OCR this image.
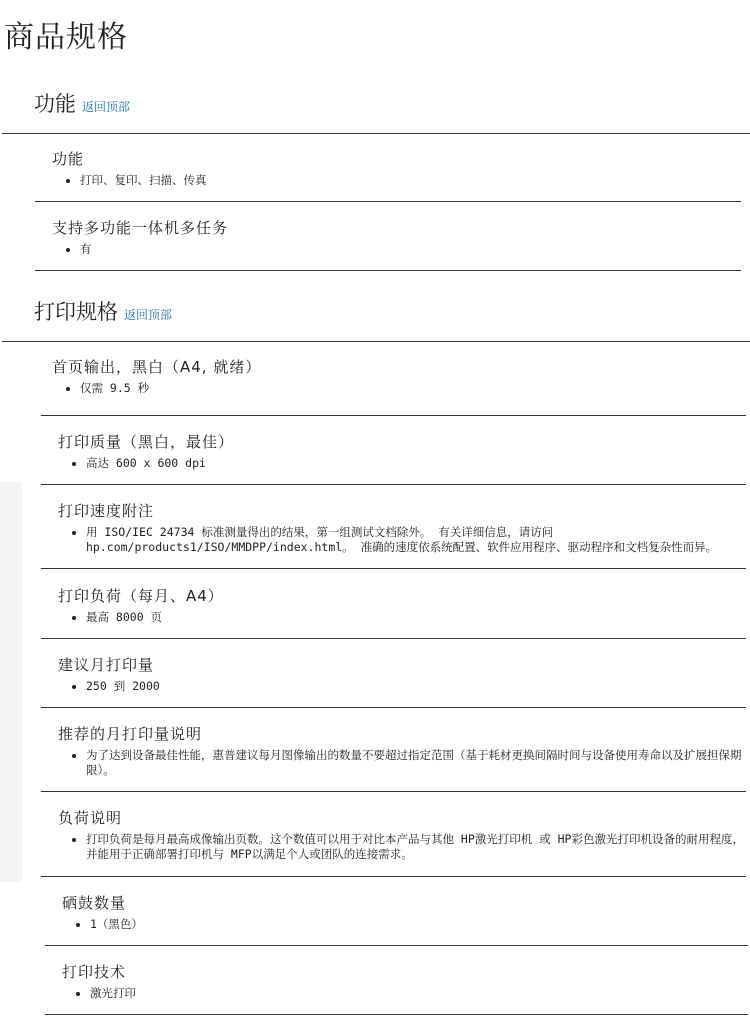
商品规格
功能 返回顶部
功能
• 打印、复印、扫描、传真
支持多功能一体机多任务
• 有
打印规格 返回顶部
首页输出，黑白（A4, 就绪）
• 仅需 9.5 秒
打印质量（黑白，最佳）
• 高达 600 x 600 dpi
打印速度附注
• 用 ISO/IEC 24734 标准测量得出的结果，第一组测试文档除外。 有关详细信息，请访问 hp.com/products1/ISO/MMDPP/index.html。 准确的速度依系统配置、软件应用程序、驱动程序和文档复杂性而异。
打印负荷（每月、A4）
• 最高 8000 页
建议月打印量
• 250 到 2000
推荐的月打印量说明
• 为了达到设备最佳性能，惠普建议每月图像输出的数量不要超过指定范围（基于耗材更换间隔时间与设备使用寿命以及扩展担保期限）。
负荷说明
• 打印负荷是每月最高成像输出页数。这个数值可以用于对比本产品与其他 HP激光打印机 或 HP彩色激光打印机设备的耐用程度，并能用于正确部署打印机与 MFP以满足个人或团队的连接需求。
硒鼓数量
• 1（黑色）
打印技术
• 激光打印
